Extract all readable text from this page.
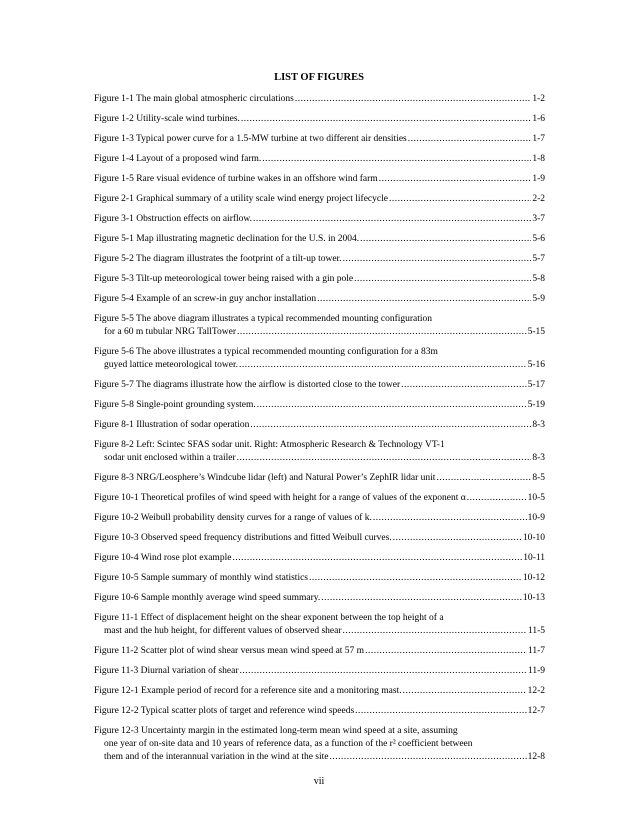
LIST OF FIGURES
Figure 1-1 The main global atmospheric circulations .....	1-2
Figure 1-2 Utility-scale wind turbines. .....	1-6
Figure 1-3 Typical power curve for a 1.5-MW turbine at two different air densities .....	1-7
Figure 1-4 Layout of a proposed wind farm. .....	1-8
Figure 1-5 Rare visual evidence of turbine wakes in an offshore wind farm .....	1-9
Figure 2-1 Graphical summary of a utility scale wind energy project lifecycle .....	2-2
Figure 3-1 Obstruction effects on airflow. .....	3-7
Figure 5-1 Map illustrating magnetic declination for the U.S. in 2004. .....	5-6
Figure 5-2 The diagram illustrates the footprint of a tilt-up tower. .....	5-7
Figure 5-3 Tilt-up meteorological tower being raised with a gin pole .....	5-8
Figure 5-4 Example of an screw-in guy anchor installation .....	5-9
Figure 5-5 The above diagram illustrates a typical recommended mounting configuration
for a 60 m tubular NRG TallTower .....	5-15
Figure 5-6 The above illustrates a typical recommended mounting configuration for a 83m
guyed lattice meteorological tower. .....	5-16
Figure 5-7 The diagrams illustrate how the airflow is distorted close to the tower .....	5-17
Figure 5-8 Single-point grounding system. .....	5-19
Figure 8-1 Illustration of sodar operation .....	8-3
Figure 8-2 Left: Scintec SFAS sodar unit. Right: Atmospheric Research & Technology VT-1
sodar unit enclosed within a trailer .....	8-3
Figure 8-3 NRG/Leosphere’s Windcube lidar (left) and Natural Power’s ZephIR lidar unit .....	8-5
Figure 10-1 Theoretical profiles of wind speed with height for a range of values of the exponent α .....	10-5
Figure 10-2 Weibull probability density curves for a range of values of k. .....	10-9
Figure 10-3 Observed speed frequency distributions and fitted Weibull curves. .....	10-10
Figure 10-4 Wind rose plot example .....	10-11
Figure 10-5 Sample summary of monthly wind statistics .....	10-12
Figure 10-6 Sample monthly average wind speed summary. .....	10-13
Figure 11-1 Effect of displacement height on the shear exponent between the top height of a
mast and the hub height, for different values of observed shear .....	11-5
Figure 11-2 Scatter plot of wind shear versus mean wind speed at 57 m .....	11-7
Figure 11-3 Diurnal variation of shear .....	11-9
Figure 12-1 Example period of record for a reference site and a monitoring mast. .....	12-2
Figure 12-2 Typical scatter plots of target and reference wind speeds .....	12-7
Figure 12-3 Uncertainty margin in the estimated long-term mean wind speed at a site, assuming
one year of on-site data and 10 years of reference data, as a function of the r² coefficient between
them and of the interannual variation in the wind at the site .....	12-8
vii
